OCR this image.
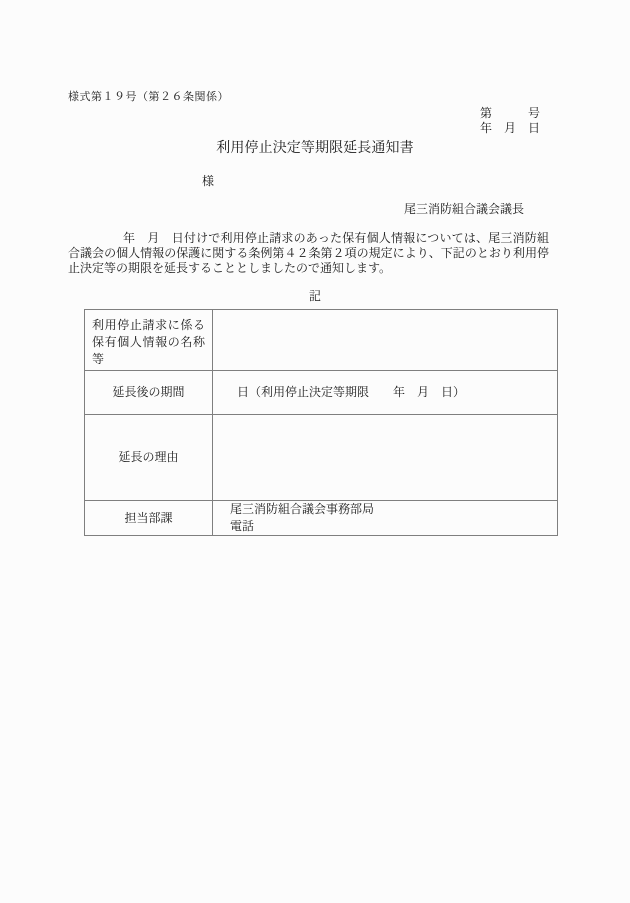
様式第１９号（第２６条関係）
第　　　号
年　月　日
利用停止決定等期限延長通知書
様
尾三消防組合議会議長
年　月　日付けで利用停止請求のあった保有個人情報については、尾三消防組合議会の個人情報の保護に関する条例第４２条第２項の規定により、下記のとおり利用停止決定等の期限を延長することとしましたので通知します。
記
利用停止請求に係る保有個人情報の名称等	
延長後の期間	日（利用停止決定等期限　　年　月　日）
延長の理由	
担当部課	尾三消防組合議会事務部局
電話
